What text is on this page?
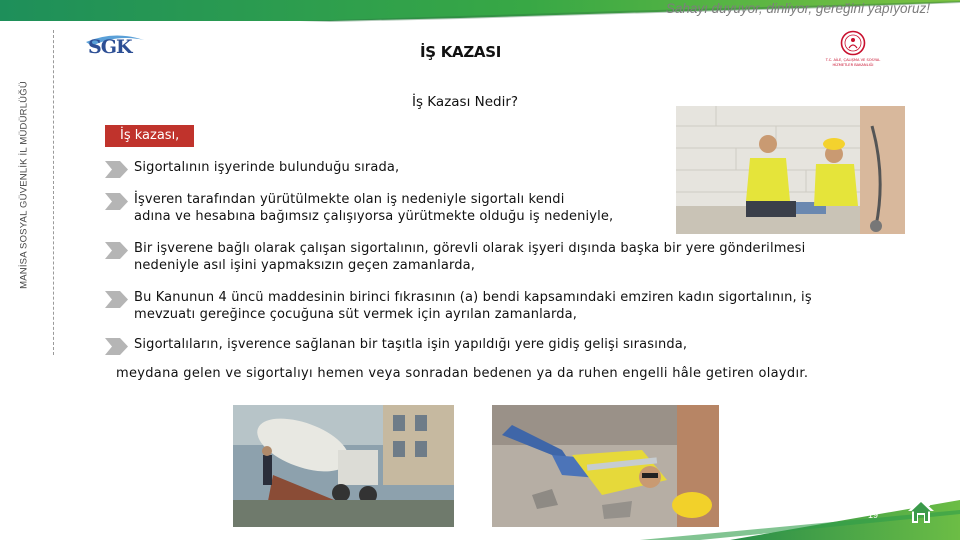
Sahayı duyuyor, dinliyor, gereğini yapıyoruz!
MANİSA SOSYAL GÜVENLİK İL MÜDÜRLÜĞÜ
SGK
T.C. AİLE, ÇALIŞMA VE SOSYAL HİZMETLER BAKANLIĞI
İŞ KAZASI
İş Kazası Nedir?
İş kazası,
Sigortalının işyerinde bulunduğu sırada,
İşveren tarafından yürütülmekte olan iş nedeniyle sigortalı kendi
adına ve hesabına bağımsız çalışıyorsa yürütmekte olduğu iş nedeniyle,
Bir işverene bağlı olarak çalışan sigortalının, görevli olarak işyeri dışında başka bir yere gönderilmesi
nedeniyle asıl işini yapmaksızın geçen zamanlarda,
Bu Kanunun 4 üncü maddesinin birinci fıkrasının (a) bendi kapsamındaki emziren kadın sigortalının, iş
mevzuatı gereğince çocuğuna süt vermek için ayrılan zamanlarda,
Sigortalıların, işverence sağlanan bir taşıtla işin yapıldığı yere gidiş gelişi sırasında,
meydana gelen ve sigortalıyı hemen veya sonradan bedenen ya da ruhen engelli hâle getiren olaydır.
19
